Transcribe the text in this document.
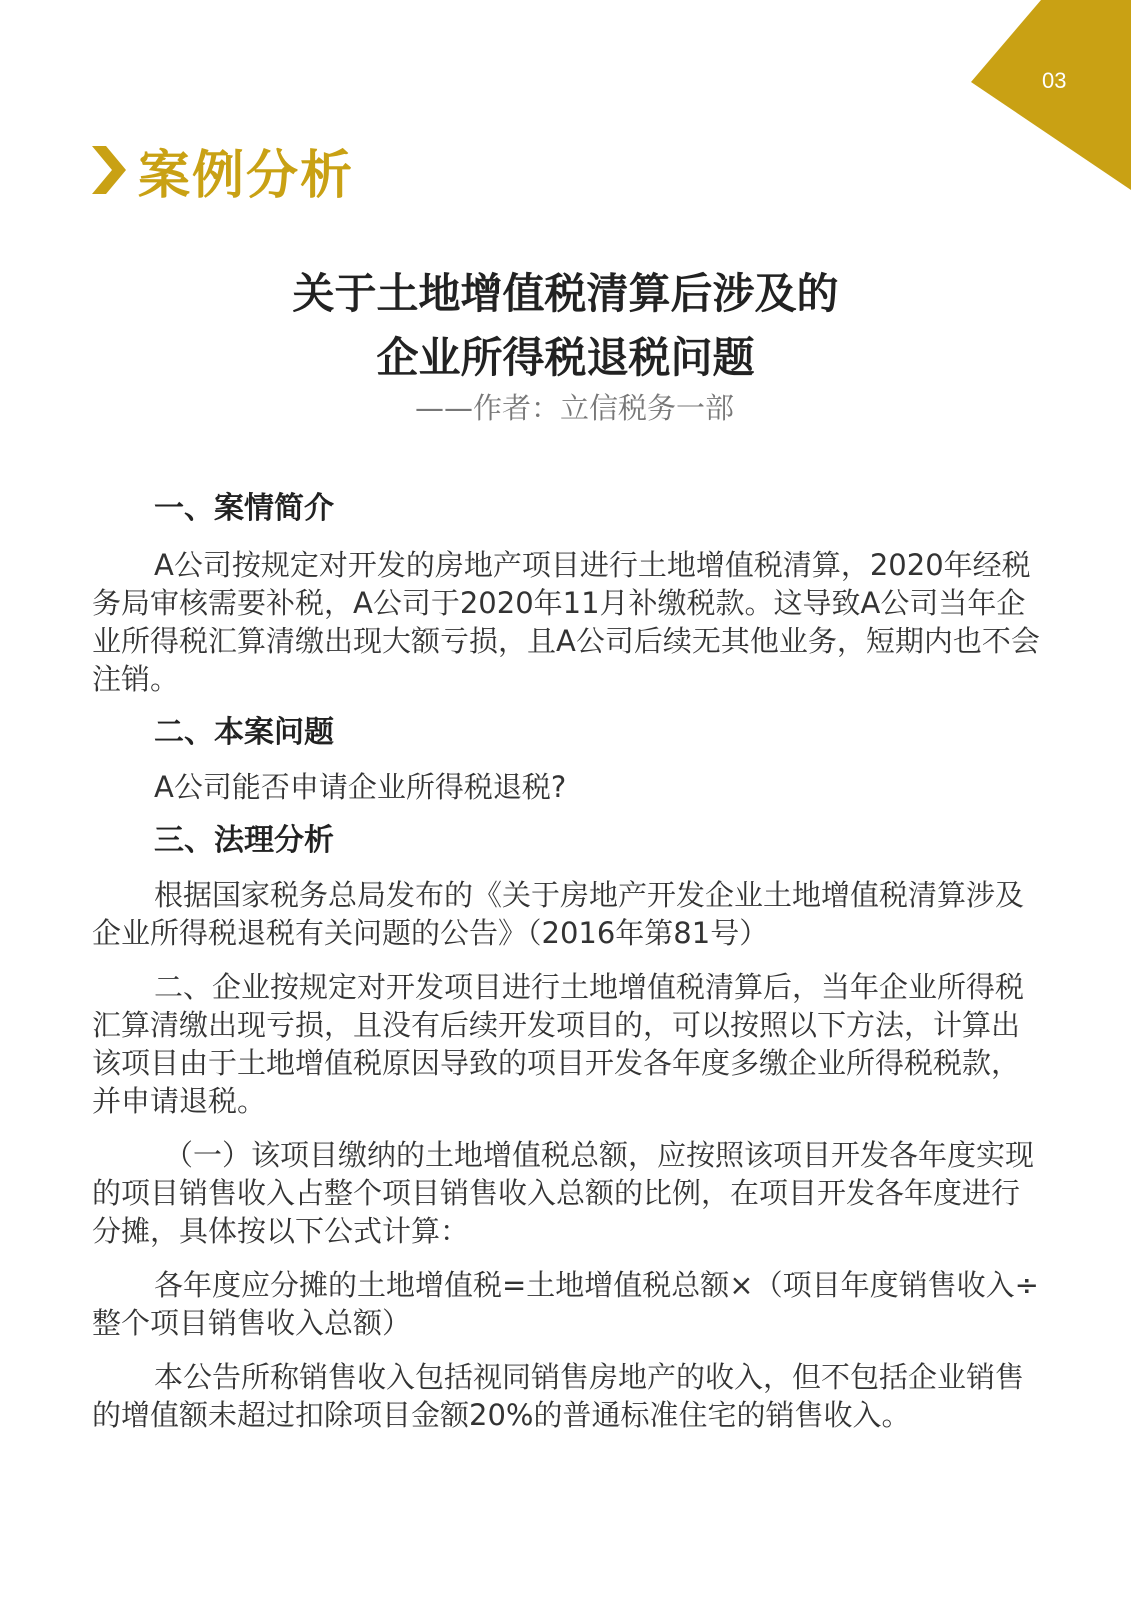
03
案例分析
关于土地增值税清算后涉及的
企业所得税退税问题
——作者：立信税务一部

一、案情简介

A公司按规定对开发的房地产项目进行土地增值税清算，2020年经税务局审核需要补税，A公司于2020年11月补缴税款。这导致A公司当年企业所得税汇算清缴出现大额亏损，且A公司后续无其他业务，短期内也不会注销。

二、本案问题

A公司能否申请企业所得税退税?

三、法理分析

根据国家税务总局发布的《关于房地产开发企业土地增值税清算涉及企业所得税退税有关问题的公告》（2016年第81号）

二、企业按规定对开发项目进行土地增值税清算后，当年企业所得税汇算清缴出现亏损，且没有后续开发项目的，可以按照以下方法，计算出该项目由于土地增值税原因导致的项目开发各年度多缴企业所得税税款，并申请退税。

（一）该项目缴纳的土地增值税总额，应按照该项目开发各年度实现的项目销售收入占整个项目销售收入总额的比例，在项目开发各年度进行分摊，具体按以下公式计算：

各年度应分摊的土地增值税=土地增值税总额×（项目年度销售收入÷整个项目销售收入总额）

本公告所称销售收入包括视同销售房地产的收入，但不包括企业销售的增值额未超过扣除项目金额20%的普通标准住宅的销售收入。
